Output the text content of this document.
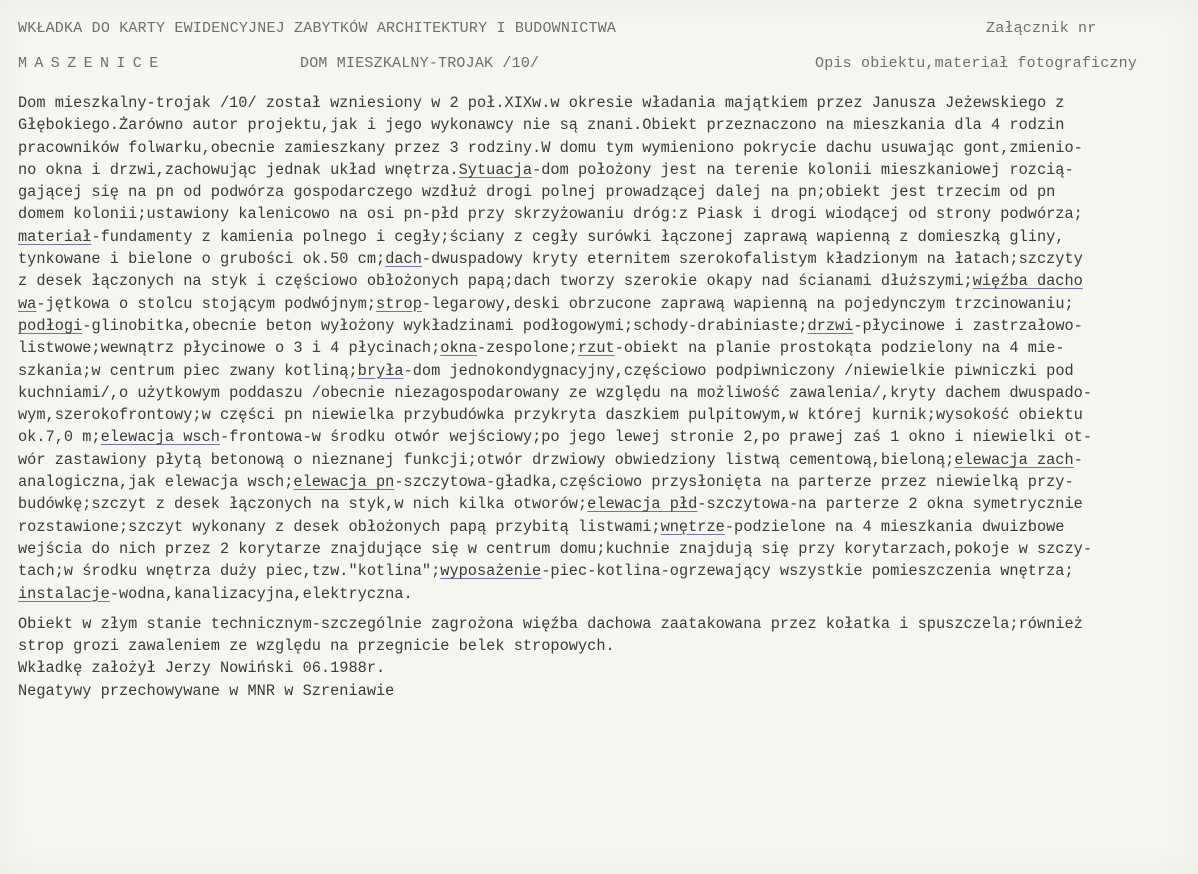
WKŁADKA DO KARTY EWIDENCYJNEJ ZABYTKÓW ARCHITEKTURY I BUDOWNICTWA	Załącznik nr
MASZENICE	DOM MIESZKALNY-TROJAK /10/	Opis obiektu,materiał fotograficzny
Dom mieszkalny-trojak /10/ został wzniesiony w 2 poł.XIXw.w okresie władania majątkiem przez Janusza Jeżewskiego z
Głębokiego.Żarówno autor projektu,jak i jego wykonawcy nie są znani.Obiekt przeznaczono na mieszkania dla 4 rodzin
pracowników folwarku,obecnie zamieszkany przez 3 rodziny.W domu tym wymieniono pokrycie dachu usuwając gont,zmienio-
no okna i drzwi,zachowując jednak układ wnętrza.Sytuacja-dom położony jest na terenie kolonii mieszkaniowej rozcią-
gającej się na pn od podwórza gospodarczego wzdłuż drogi polnej prowadzącej dalej na pn;obiekt jest trzecim od pn
domem kolonii;ustawiony kalenicowo na osi pn-płd przy skrzyżowaniu dróg:z Piask i drogi wiodącej od strony podwórza;
materiał-fundamenty z kamienia polnego i cegły;ściany z cegły surówki łączonej zaprawą wapienną z domieszką gliny,
tynkowane i bielone o grubości ok.50 cm;dach-dwuspadowy kryty eternitem szerokofalistym kładzionym na łatach;szczyty
z desek łączonych na styk i częściowo obłożonych papą;dach tworzy szerokie okapy nad ścianami dłuższymi;więźba dacho
wa-jętkowa o stolcu stojącym podwójnym;strop-legarowy,deski obrzucone zaprawą wapienną na pojedynczym trzcinowaniu;
podłogi-glinobitka,obecnie beton wyłożony wykładzinami podłogowymi;schody-drabiniaste;drzwi-płycinowe i zastrzałowo-
listwowe;wewnątrz płycinowe o 3 i 4 płycinach;okna-zespolone;rzut-obiekt na planie prostokąta podzielony na 4 mie-
szkania;w centrum piec zwany kotliną;bryła-dom jednokondygnacyjny,częściowo podpiwniczony /niewielkie piwniczki pod
kuchniami/,o użytkowym poddaszu /obecnie niezagospodarowany ze względu na możliwość zawalenia/,kryty dachem dwuspado-
wym,szerokofrontowy;w części pn niewielka przybudówka przykryta daszkiem pulpitowym,w której kurnik;wysokość obiektu
ok.7,0 m;elewacja wsch-frontowa-w środku otwór wejściowy;po jego lewej stronie 2,po prawej zaś 1 okno i niewielki ot-
wór zastawiony płytą betonową o nieznanej funkcji;otwór drzwiowy obwiedziony listwą cementową,bieloną;elewacja zach-
analogiczna,jak elewacja wsch;elewacja pn-szczytowa-gładka,częściowo przysłonięta na parterze przez niewielką przy-
budówkę;szczyt z desek łączonych na styk,w nich kilka otworów;elewacja płd-szczytowa-na parterze 2 okna symetrycznie
rozstawione;szczyt wykonany z desek obłożonych papą przybitą listwami;wnętrze-podzielone na 4 mieszkania dwuizbowe
wejścia do nich przez 2 korytarze znajdujące się w centrum domu;kuchnie znajdują się przy korytarzach,pokoje w szczy-
tach;w środku wnętrza duży piec,tzw."kotlina";wyposażenie-piec-kotlina-ogrzewający wszystkie pomieszczenia wnętrza;
instalacje-wodna,kanalizacyjna,elektryczna.
Obiekt w złym stanie technicznym-szczególnie zagrożona więźba dachowa zaatakowana przez kołatka i spuszczela;również
strop grozi zawaleniem ze względu na przegnicie belek stropowych.
Wkładkę założył Jerzy Nowiński 06.1988r.
Negatywy przechowywane w MNR w Szreniawie
